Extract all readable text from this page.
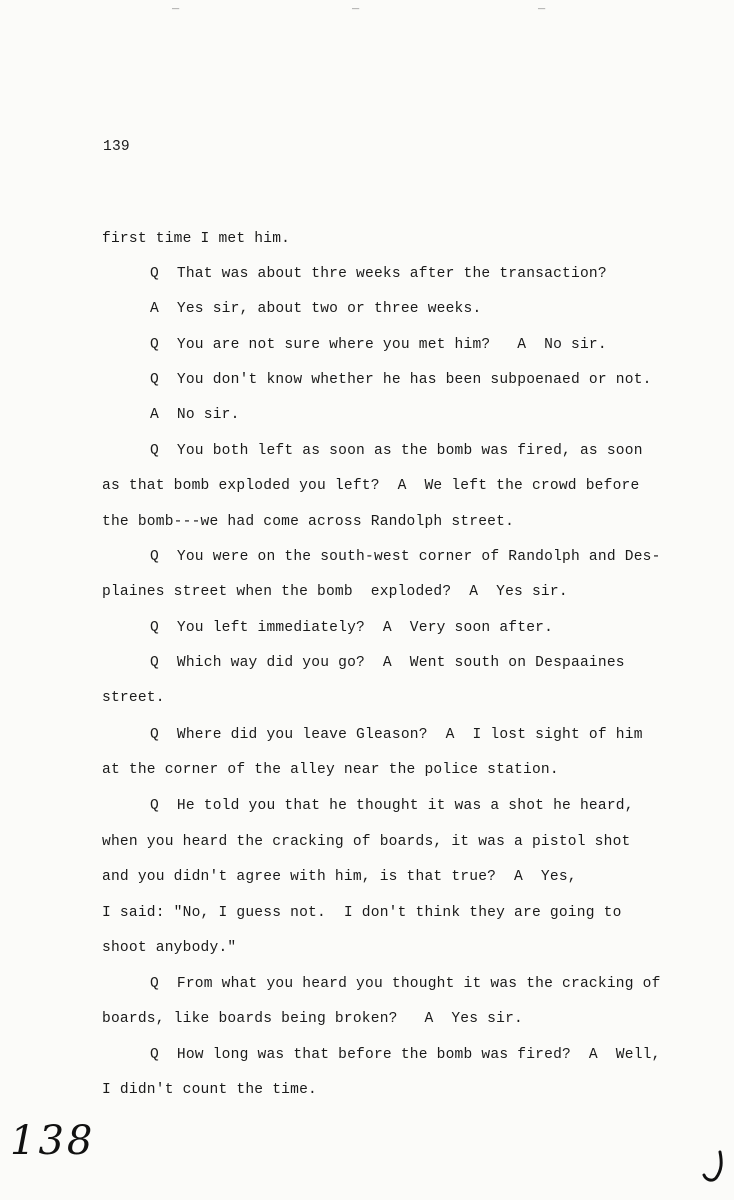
¯	¯	¯
139
first time I met him.
Q  That was about thre weeks after the transaction?
A  Yes sir, about two or three weeks.
Q  You are not sure where you met him?   A  No sir.
Q  You don't know whether he has been subpoenaed or not.
A  No sir.
Q  You both left as soon as the bomb was fired, as soon
as that bomb exploded you left?  A  We left the crowd before
the bomb---we had come across Randolph street.
Q  You were on the south-west corner of Randolph and Des-
plaines street when the bomb  exploded?  A  Yes sir.
Q  You left immediately?  A  Very soon after.
Q  Which way did you go?  A  Went south on Despaaines
street.
Q  Where did you leave Gleason?  A  I lost sight of him
at the corner of the alley near the police station.
Q  He told you that he thought it was a shot he heard,
when you heard the cracking of boards, it was a pistol shot
and you didn't agree with him, is that true?  A  Yes,
I said: "No, I guess not.  I don't think they are going to
shoot anybody."
Q  From what you heard you thought it was the cracking of
boards, like boards being broken?   A  Yes sir.
Q  How long was that before the bomb was fired?  A  Well,
I didn't count the time.
138
